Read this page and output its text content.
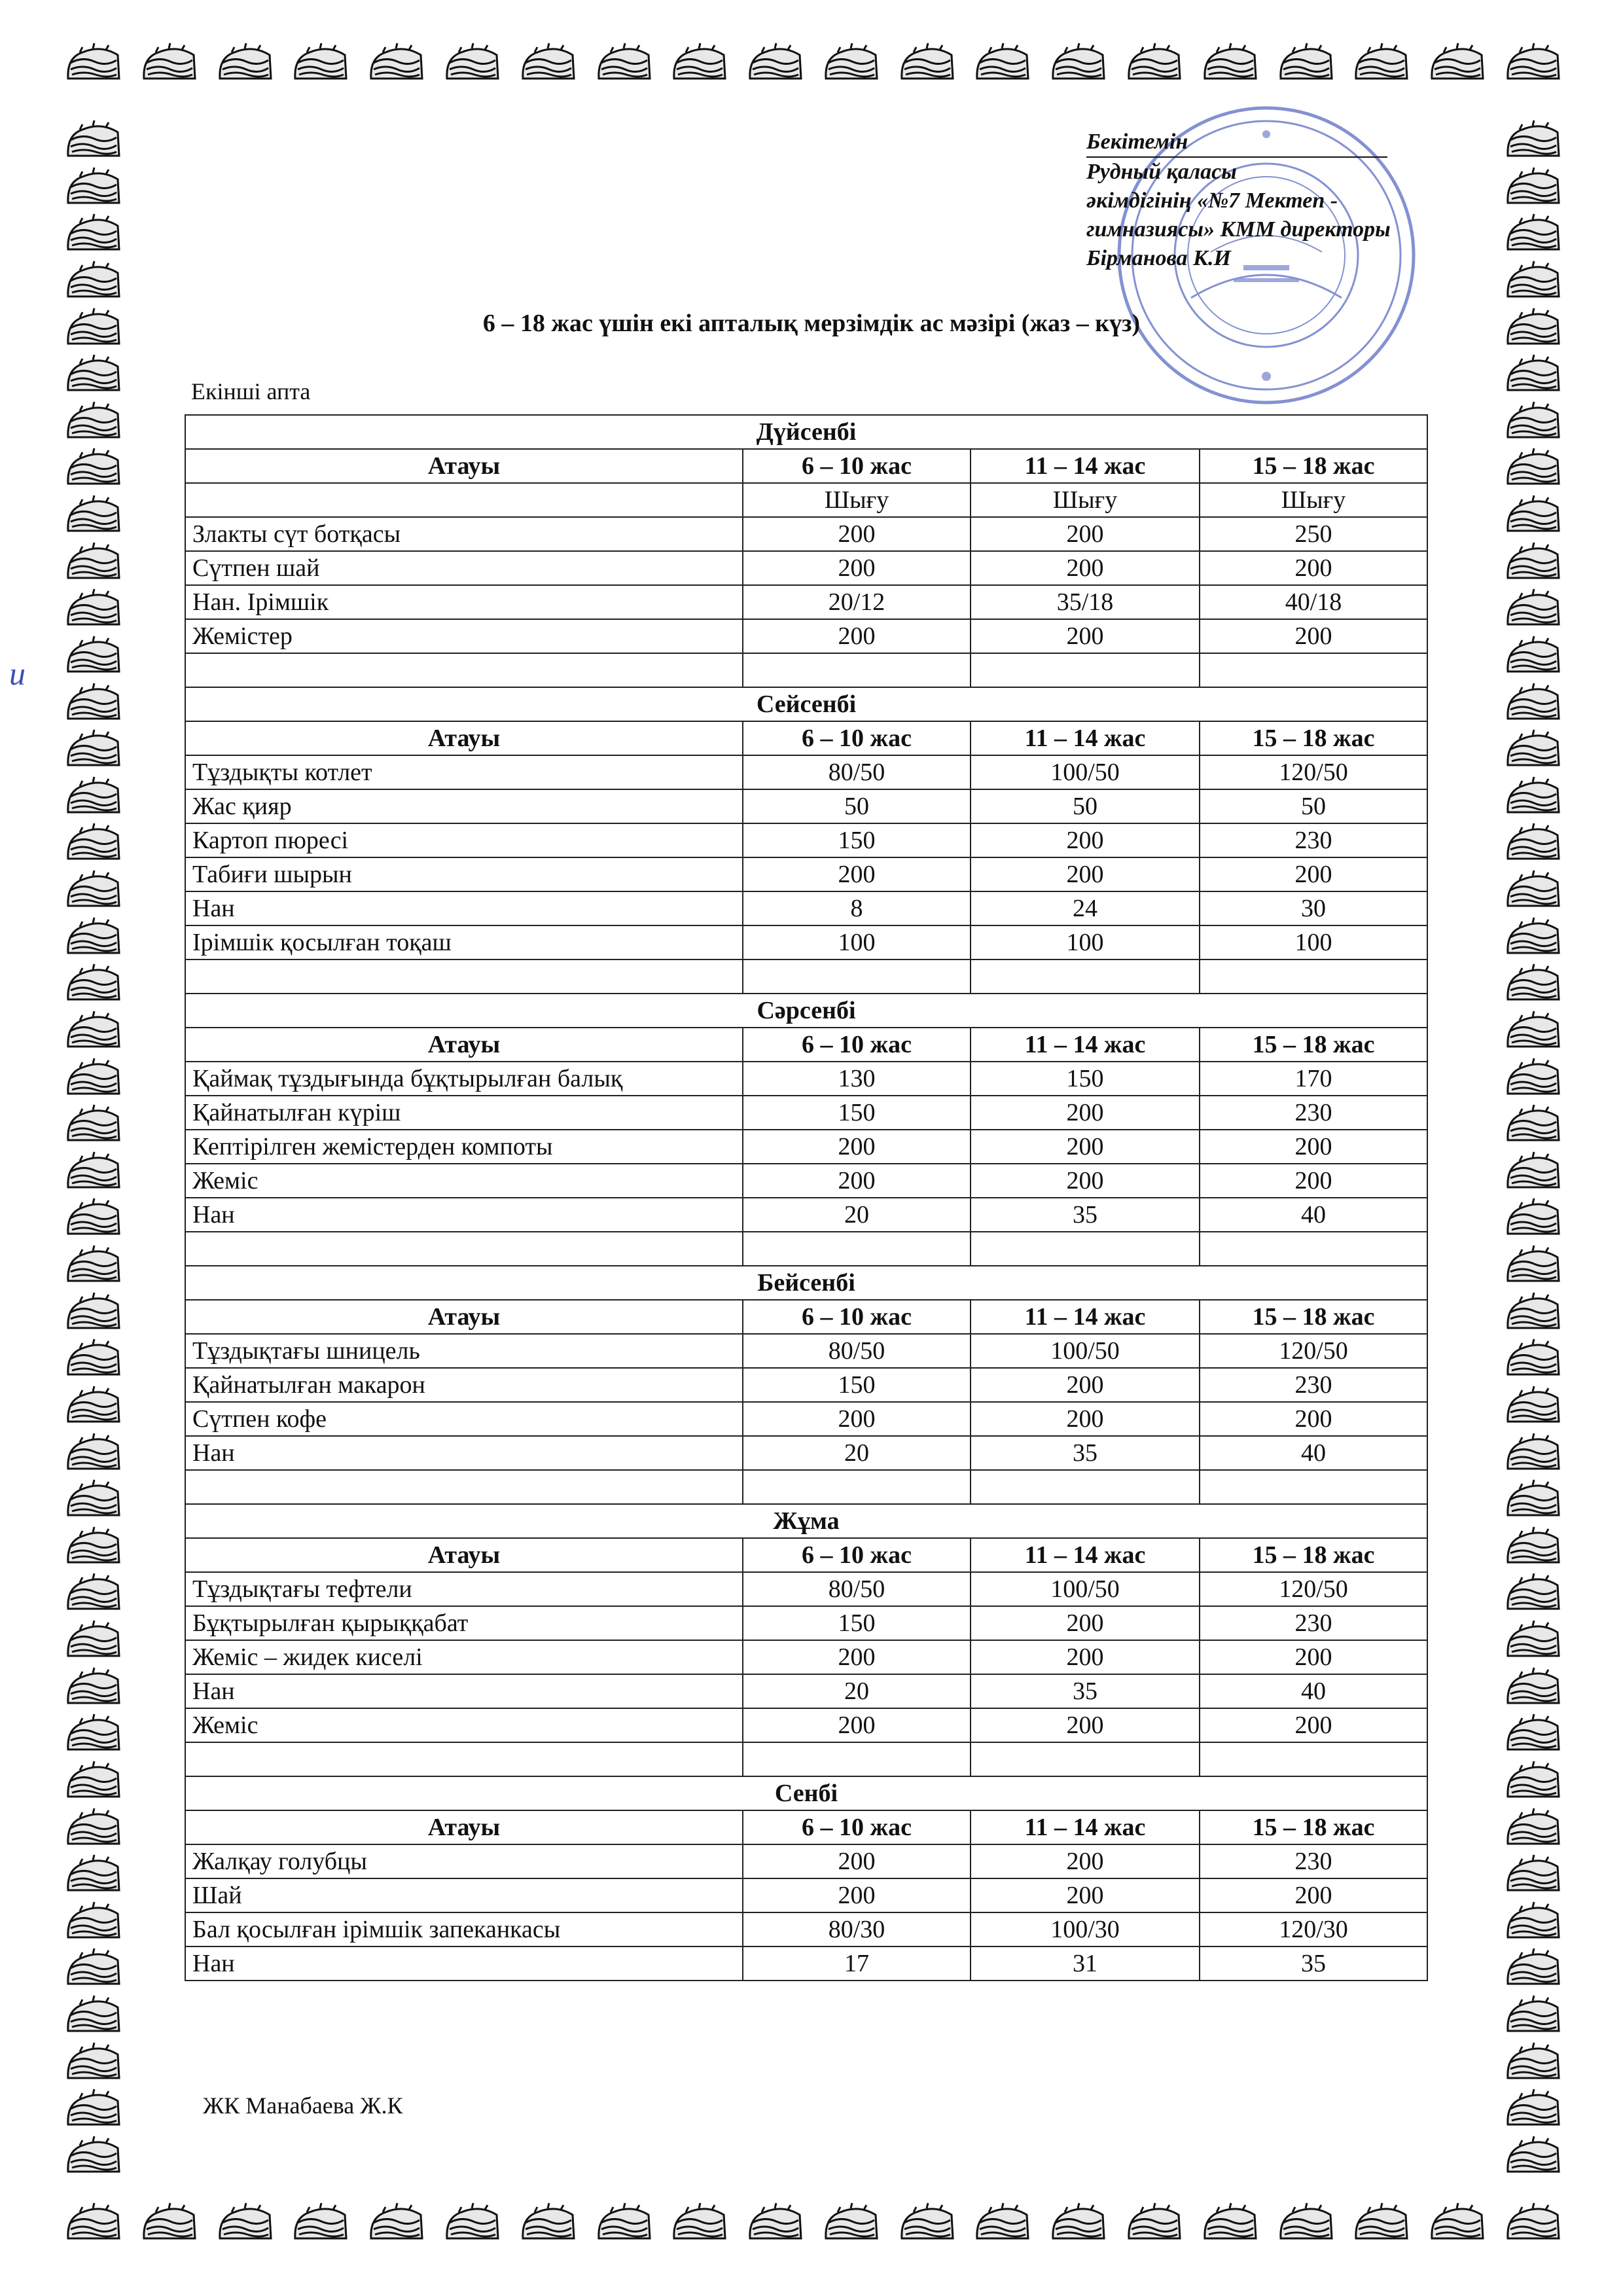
Бекітемін
Рудный қаласы
әкімдігінің «№7 Мектеп -
гимназиясы» КММ директоры
Бірманова К.И
и
6 – 18 жас үшін екі апталық мерзімдік ас мәзірі (жаз – күз)
Екінші апта
Дүйсенбі			
Атауы	6 – 10 жас	11 – 14 жас	15 – 18 жас
	Шығу	Шығу	Шығу
Злакты сүт ботқасы	200	200	250
Сүтпен шай	200	200	200
Нан. Ірімшік	20/12	35/18	40/18
Жемістер	200	200	200

Сейсенбі			
Атауы	6 – 10 жас	11 – 14 жас	15 – 18 жас
Тұздықты котлет	80/50	100/50	120/50
Жас қияр	50	50	50
Картоп пюресі	150	200	230
Табиғи шырын	200	200	200
Нан	8	24	30
Ірімшік қосылған тоқаш	100	100	100

Сәрсенбі			
Атауы	6 – 10 жас	11 – 14 жас	15 – 18 жас
Қаймақ тұздығында бұқтырылған балық	130	150	170
Қайнатылған күріш	150	200	230
Кептірілген жемістерден компоты	200	200	200
Жеміс	200	200	200
Нан	20	35	40

Бейсенбі			
Атауы	6 – 10 жас	11 – 14 жас	15 – 18 жас
Тұздықтағы шницель	80/50	100/50	120/50
Қайнатылған макарон	150	200	230
Сүтпен кофе	200	200	200
Нан	20	35	40

Жұма			
Атауы	6 – 10 жас	11 – 14 жас	15 – 18 жас
Тұздықтағы тефтели	80/50	100/50	120/50
Бұқтырылған қырыққабат	150	200	230
Жеміс – жидек киселі	200	200	200
Нан	20	35	40
Жеміс	200	200	200

Сенбі			
Атауы	6 – 10 жас	11 – 14 жас	15 – 18 жас
Жалқау голубцы	200	200	230
Шай	200	200	200
Бал қосылған ірімшік запеканкасы	80/30	100/30	120/30
Нан	17	31	35
ЖК Манабаева Ж.К
